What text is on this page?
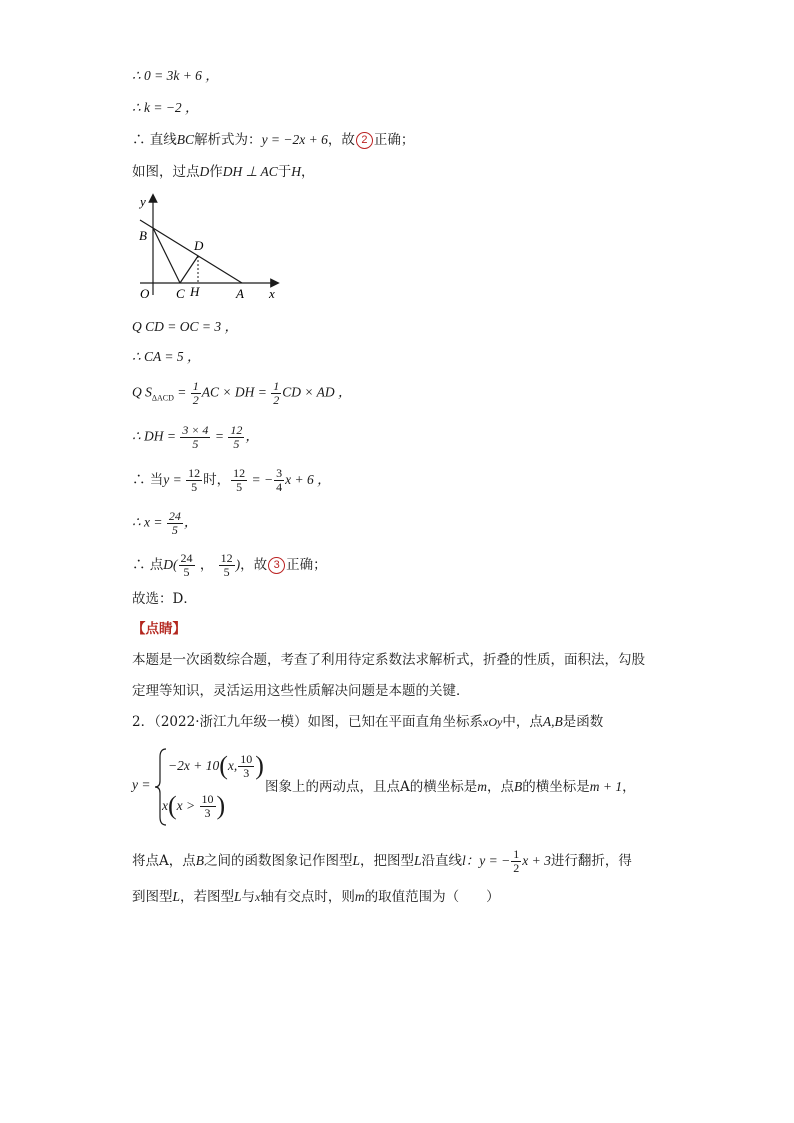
∴ 0 = 3k + 6 ，
∴ k = −2 ，
∴ 直线BC解析式为：y = −2x + 6，故 2 正确；
如图，过点D作DH ⊥ AC于H，
y
x
O
B
C H
D
A
Q CD = OC = 3 ，
∴ CA = 5 ，
Q $S_{\Delta ACD} = \frac{1}{2}$ AC × DH = $\frac{1}{2}$ CD × AD ，
∴ DH = $\frac{3 \times 4}{5} = \frac{12}{5}$ ，
∴ 当$y = \frac{12}{5}$ 时， $\frac{12}{5}$ = − $\frac{3}{4}$ x + 6 ，
∴ $x = \frac{24}{5}$ ，
∴ 点$D( \frac{24}{5}$ ， $\frac{12}{5}$ )，故 3 正确；
故选：D．
【点睛】
本题是一次函数综合题，考查了利用待定系数法求解析式，折叠的性质，面积法，勾股
定理等知识，灵活运用这些性质解决问题是本题的关键．
2．（2022·浙江九年级一模）如图，已知在平面直角坐标系xOy中，点A,B是函数
y =
−2x + 10(x, $\frac{10}{3}$ )
$x(x > \frac{10}{3}$ )
图象上的两动点，且点A的横坐标是m，点B的横坐标是m + 1，
将点A，点B之间的函数图象记作图型L，把图型L沿直线l：y = − $\frac{1}{2}$ x + 3进行翻折，得
到图型L，若图型L与x轴有交点时，则m的取值范围为（　　）
